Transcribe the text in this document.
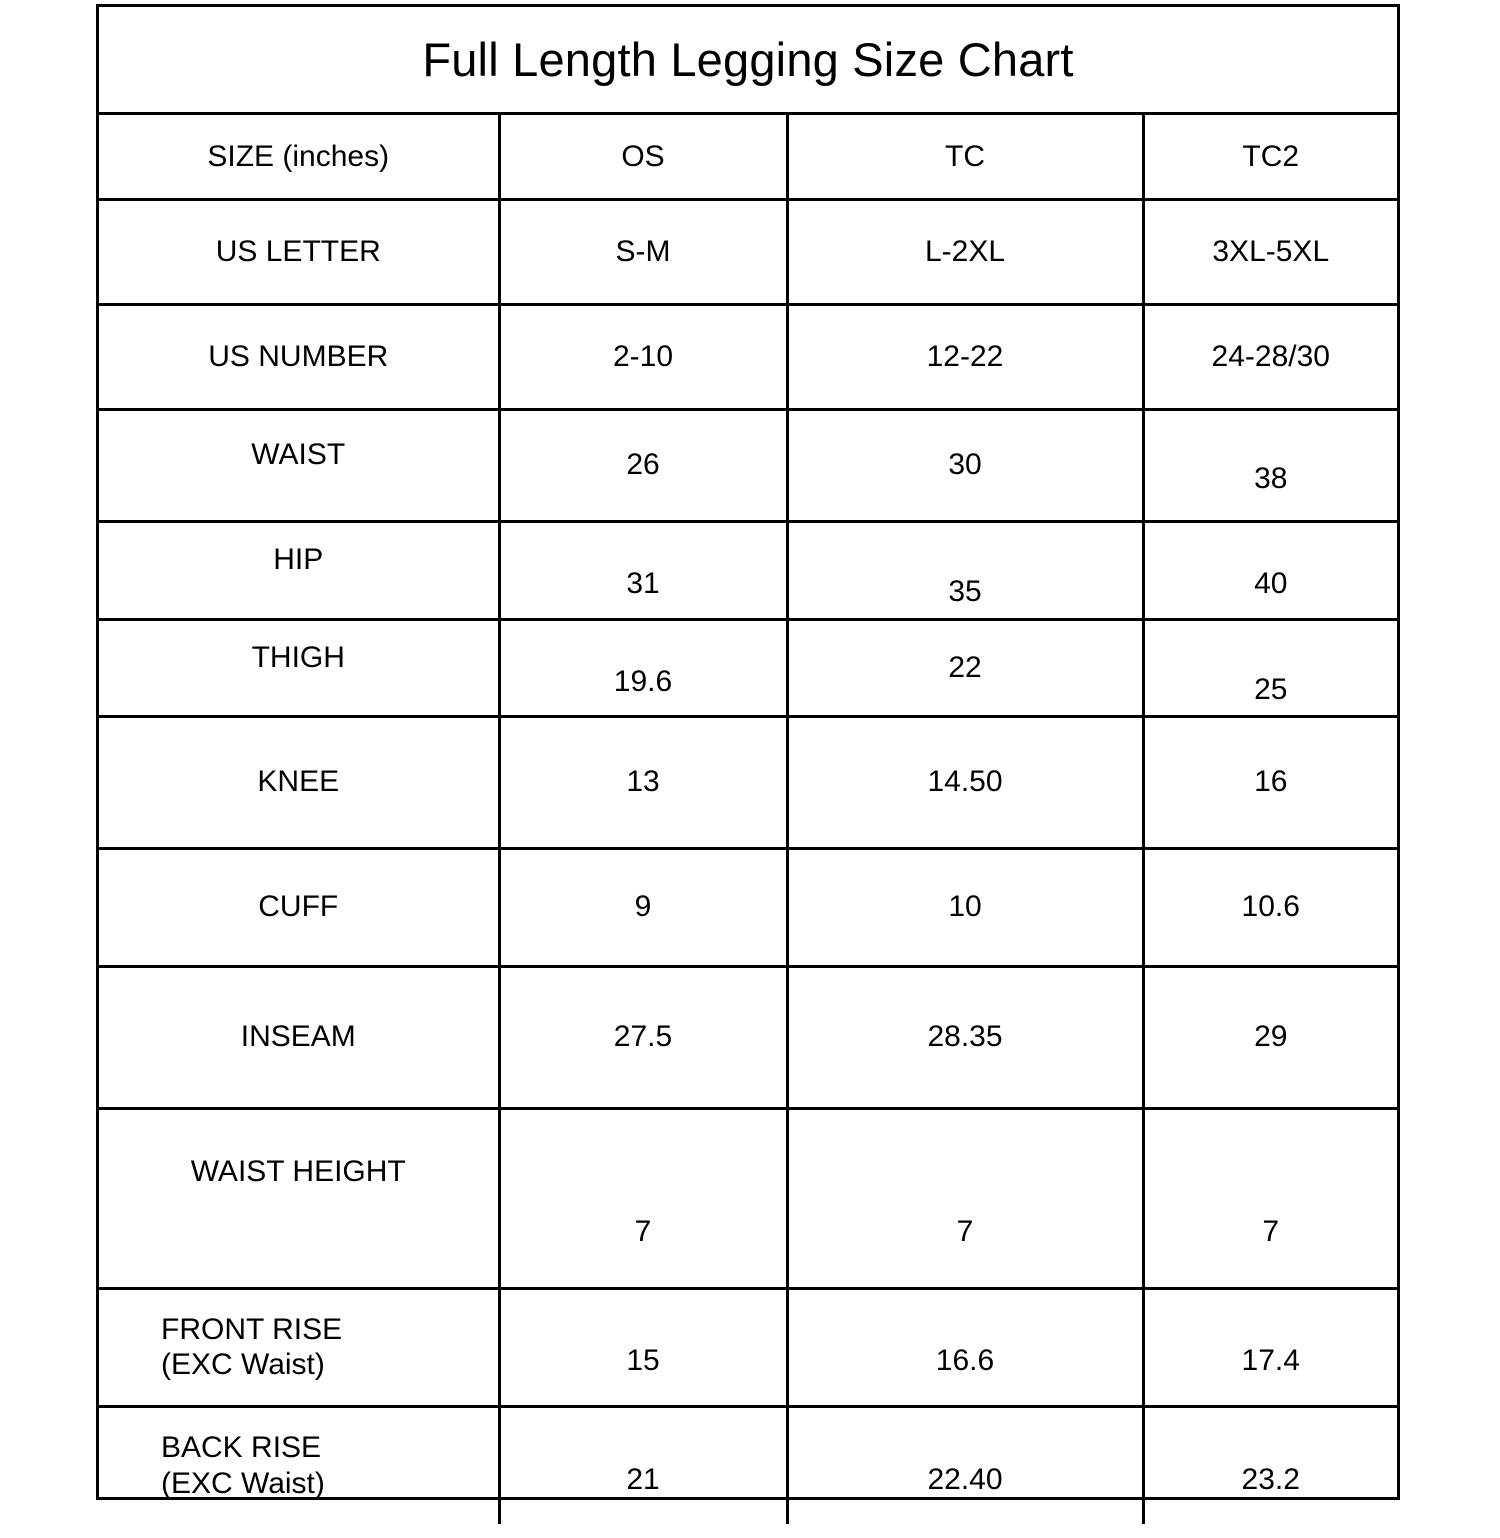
Full Length Legging Size Chart
SIZE (inches)	OS	TC	TC2
US LETTER	S-M	L-2XL	3XL-5XL
US NUMBER	2-10	12-22	24-28/30
WAIST	26	30	38
HIP	31	35	40
THIGH	19.6	22	25
KNEE	13	14.50	16
CUFF	9	10	10.6
INSEAM	27.5	28.35	29
WAIST HEIGHT	7	7	7

FRONT RISE
(EXC Waist)	15	16.6	17.4

BACK RISE
(EXC Waist)	21	22.40	23.2
